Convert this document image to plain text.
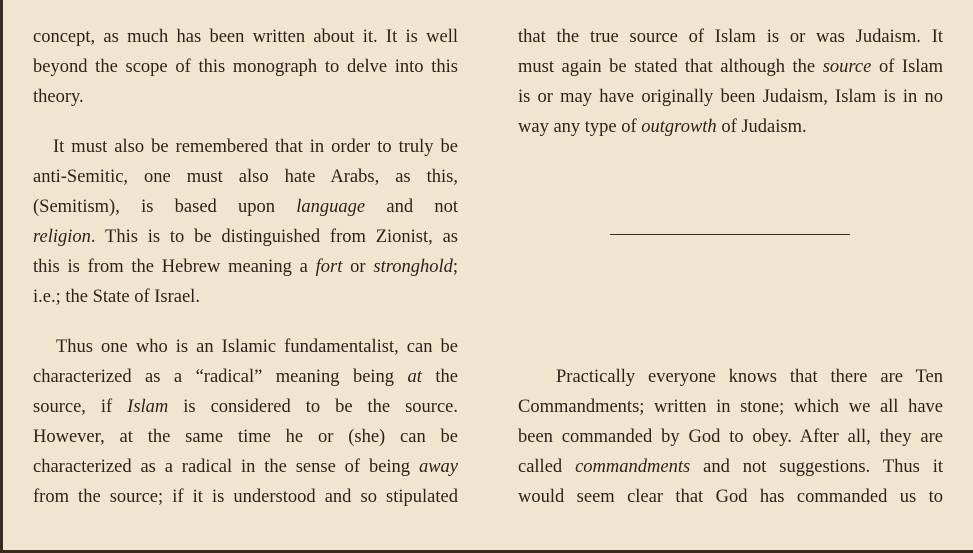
concept, as much has been written about it. It is well
beyond the scope of this monograph to delve into this
theory.
It must also be remembered that in order to truly be
anti-Semitic, one must also hate Arabs, as this,
(Semitism), is based upon language and not
religion. This is to be distinguished from Zionist, as
this is from the Hebrew meaning a fort or stronghold;
i.e.; the State of Israel.
Thus one who is an Islamic fundamentalist, can be
characterized as a “radical” meaning being at the
source, if Islam is considered to be the source.
However, at the same time he or (she) can be
characterized as a radical in the sense of being away
from the source; if it is understood and so stipulated
that the true source of Islam is or was Judaism. It
must again be stated that although the source of Islam
is or may have originally been Judaism, Islam is in no
way any type of outgrowth of Judaism.
Practically everyone knows that there are Ten
Commandments; written in stone; which we all have
been commanded by God to obey. After all, they are
called commandments and not suggestions. Thus it
would seem clear that God has commanded us to
